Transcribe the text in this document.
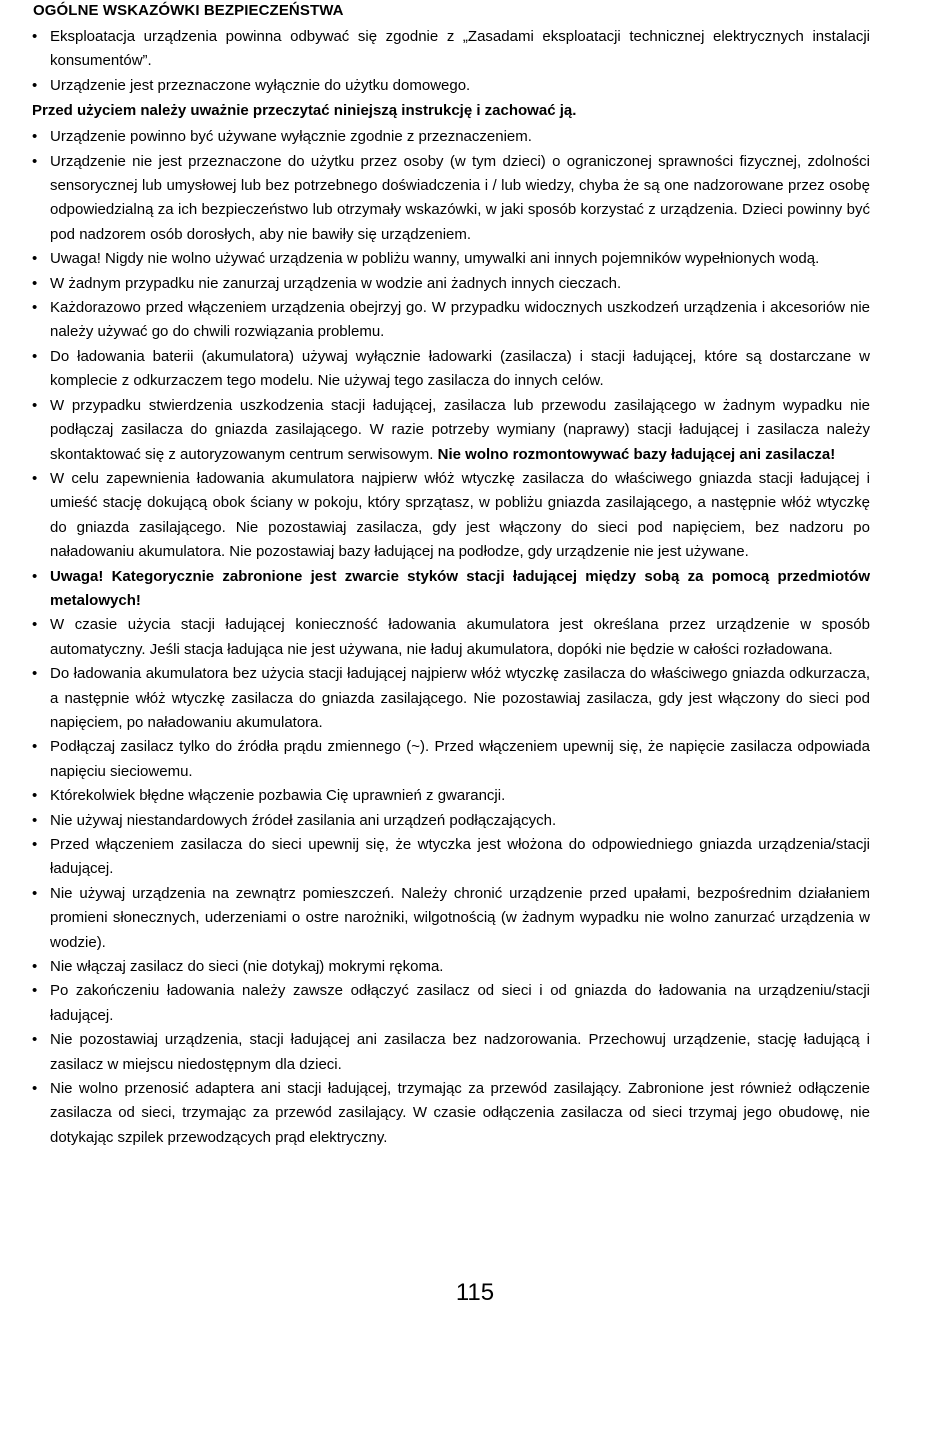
OGÓLNE WSKAZÓWKI BEZPIECZEŃSTWA
• Eksploatacja urządzenia powinna odbywać się zgodnie z „Zasadami eksploatacji technicznej elektrycznych instalacji konsumentów”.
• Urządzenie jest przeznaczone wyłącznie do użytku domowego.
Przed użyciem należy uważnie przeczytać niniejszą instrukcję i zachować ją.
• Urządzenie powinno być używane wyłącznie zgodnie z przeznaczeniem.
• Urządzenie nie jest przeznaczone do użytku przez osoby (w tym dzieci) o ograniczonej sprawności fizycznej, zdolności sensorycznej lub umysłowej lub bez potrzebnego doświadczenia i / lub wiedzy, chyba że są one nadzorowane przez osobę odpowiedzialną za ich bezpieczeństwo lub otrzymały wskazówki, w jaki sposób korzystać z urządzenia. Dzieci powinny być pod nadzorem osób dorosłych, aby nie bawiły się urządzeniem.
• Uwaga! Nigdy nie wolno używać urządzenia w pobliżu wanny, umywalki ani innych pojemników wypełnionych wodą.
• W żadnym przypadku nie zanurzaj urządzenia w wodzie ani żadnych innych cieczach.
• Każdorazowo przed włączeniem urządzenia obejrzyj go. W przypadku widocznych uszkodzeń urządzenia i akcesoriów nie należy używać go do chwili rozwiązania problemu.
• Do ładowania baterii (akumulatora) używaj wyłącznie ładowarki (zasilacza) i stacji ładującej, które są dostarczane w komplecie z odkurzaczem tego modelu. Nie używaj tego zasilacza do innych celów.
• W przypadku stwierdzenia uszkodzenia stacji ładującej, zasilacza lub przewodu zasilającego w żadnym wypadku nie podłączaj zasilacza do gniazda zasilającego. W razie potrzeby wymiany (naprawy) stacji ładującej i zasilacza należy skontaktować się z autoryzowanym centrum serwisowym. Nie wolno rozmontowywać bazy ładującej ani zasilacza!
• W celu zapewnienia ładowania akumulatora najpierw włóż wtyczkę zasilacza do właściwego gniazda stacji ładującej i umieść stację dokującą obok ściany w pokoju, który sprzątasz, w pobliżu gniazda zasilającego, a następnie włóż wtyczkę do gniazda zasilającego. Nie pozostawiaj zasilacza, gdy jest włączony do sieci pod napięciem, bez nadzoru po naładowaniu akumulatora. Nie pozostawiaj bazy ładującej na podłodze, gdy urządzenie nie jest używane.
• Uwaga! Kategorycznie zabronione jest zwarcie styków stacji ładującej między sobą za pomocą przedmiotów metalowych!
• W czasie użycia stacji ładującej konieczność ładowania akumulatora jest określana przez urządzenie w sposób automatyczny. Jeśli stacja ładująca nie jest używana, nie ładuj akumulatora, dopóki nie będzie w całości rozładowana.
• Do ładowania akumulatora bez użycia stacji ładującej najpierw włóż wtyczkę zasilacza do właściwego gniazda odkurzacza, a następnie włóż wtyczkę zasilacza do gniazda zasilającego. Nie pozostawiaj zasilacza, gdy jest włączony do sieci pod napięciem, po naładowaniu akumulatora.
• Podłączaj zasilacz tylko do źródła prądu zmiennego (~). Przed włączeniem upewnij się, że napięcie zasilacza odpowiada napięciu sieciowemu.
• Którekolwiek błędne włączenie pozbawia Cię uprawnień z gwarancji.
• Nie używaj niestandardowych źródeł zasilania ani urządzeń podłączających.
• Przed włączeniem zasilacza do sieci upewnij się, że wtyczka jest włożona do odpowiedniego gniazda urządzenia/stacji ładującej.
• Nie używaj urządzenia na zewnątrz pomieszczeń. Należy chronić urządzenie przed upałami, bezpośrednim działaniem promieni słonecznych, uderzeniami o ostre narożniki, wilgotnością (w żadnym wypadku nie wolno zanurzać urządzenia w wodzie).
• Nie włączaj zasilacz do sieci (nie dotykaj) mokrymi rękoma.
• Po zakończeniu ładowania należy zawsze odłączyć zasilacz od sieci i od gniazda do ładowania na urządzeniu/stacji ładującej.
• Nie pozostawiaj urządzenia, stacji ładującej ani zasilacza bez nadzorowania. Przechowuj urządzenie, stację ładującą i zasilacz w miejscu niedostępnym dla dzieci.
• Nie wolno przenosić adaptera ani stacji ładującej, trzymając za przewód zasilający. Zabronione jest również odłączenie zasilacza od sieci, trzymając za przewód zasilający. W czasie odłączenia zasilacza od sieci trzymaj jego obudowę, nie dotykając szpilek przewodzących prąd elektryczny.
115
